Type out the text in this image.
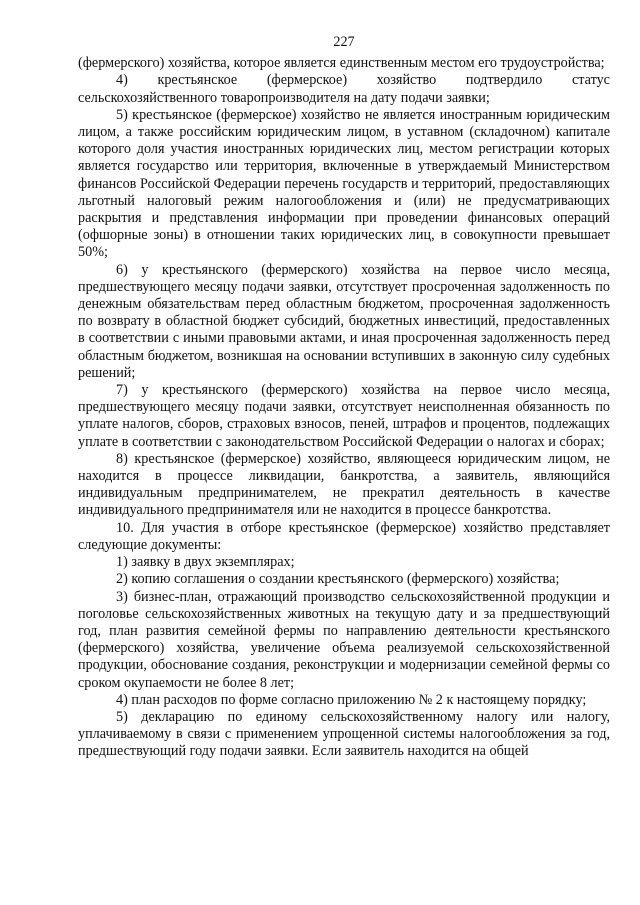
227

(фермерского) хозяйства, которое является единственным местом его трудоустройства;

4) крестьянское (фермерское) хозяйство подтвердило статус сельскохозяйственного товаропроизводителя на дату подачи заявки;

5) крестьянское (фермерское) хозяйство не является иностранным юридическим лицом, а также российским юридическим лицом, в уставном (складочном) капитале которого доля участия иностранных юридических лиц, местом регистрации которых является государство или территория, включенные в утверждаемый Министерством финансов Российской Федерации перечень государств и территорий, предоставляющих льготный налоговый режим налогообложения и (или) не предусматривающих раскрытия и представления информации при проведении финансовых операций (офшорные зоны) в отношении таких юридических лиц, в совокупности превышает 50%;

6) у крестьянского (фермерского) хозяйства на первое число месяца, предшествующего месяцу подачи заявки, отсутствует просроченная задолженность по денежным обязательствам перед областным бюджетом, просроченная задолженность по возврату в областной бюджет субсидий, бюджетных инвестиций, предоставленных в соответствии с иными правовыми актами, и иная просроченная задолженность перед областным бюджетом, возникшая на основании вступивших в законную силу судебных решений;

7) у крестьянского (фермерского) хозяйства на первое число месяца, предшествующего месяцу подачи заявки, отсутствует неисполненная обязанность по уплате налогов, сборов, страховых взносов, пеней, штрафов и процентов, подлежащих уплате в соответствии с законодательством Российской Федерации о налогах и сборах;

8) крестьянское (фермерское) хозяйство, являющееся юридическим лицом, не находится в процессе ликвидации, банкротства, а заявитель, являющийся индивидуальным предпринимателем, не прекратил деятельность в качестве индивидуального предпринимателя или не находится в процессе банкротства.

10. Для участия в отборе крестьянское (фермерское) хозяйство представляет следующие документы:

1) заявку в двух экземплярах;

2) копию соглашения о создании крестьянского (фермерского) хозяйства;

3) бизнес-план, отражающий производство сельскохозяйственной продукции и поголовье сельскохозяйственных животных на текущую дату и за предшествующий год, план развития семейной фермы по направлению деятельности крестьянского (фермерского) хозяйства, увеличение объема реализуемой сельскохозяйственной продукции, обоснование создания, реконструкции и модернизации семейной фермы со сроком окупаемости не более 8 лет;

4) план расходов по форме согласно приложению № 2 к настоящему порядку;

5) декларацию по единому сельскохозяйственному налогу или налогу, уплачиваемому в связи с применением упрощенной системы налогообложения за год, предшествующий году подачи заявки. Если заявитель находится на общей
